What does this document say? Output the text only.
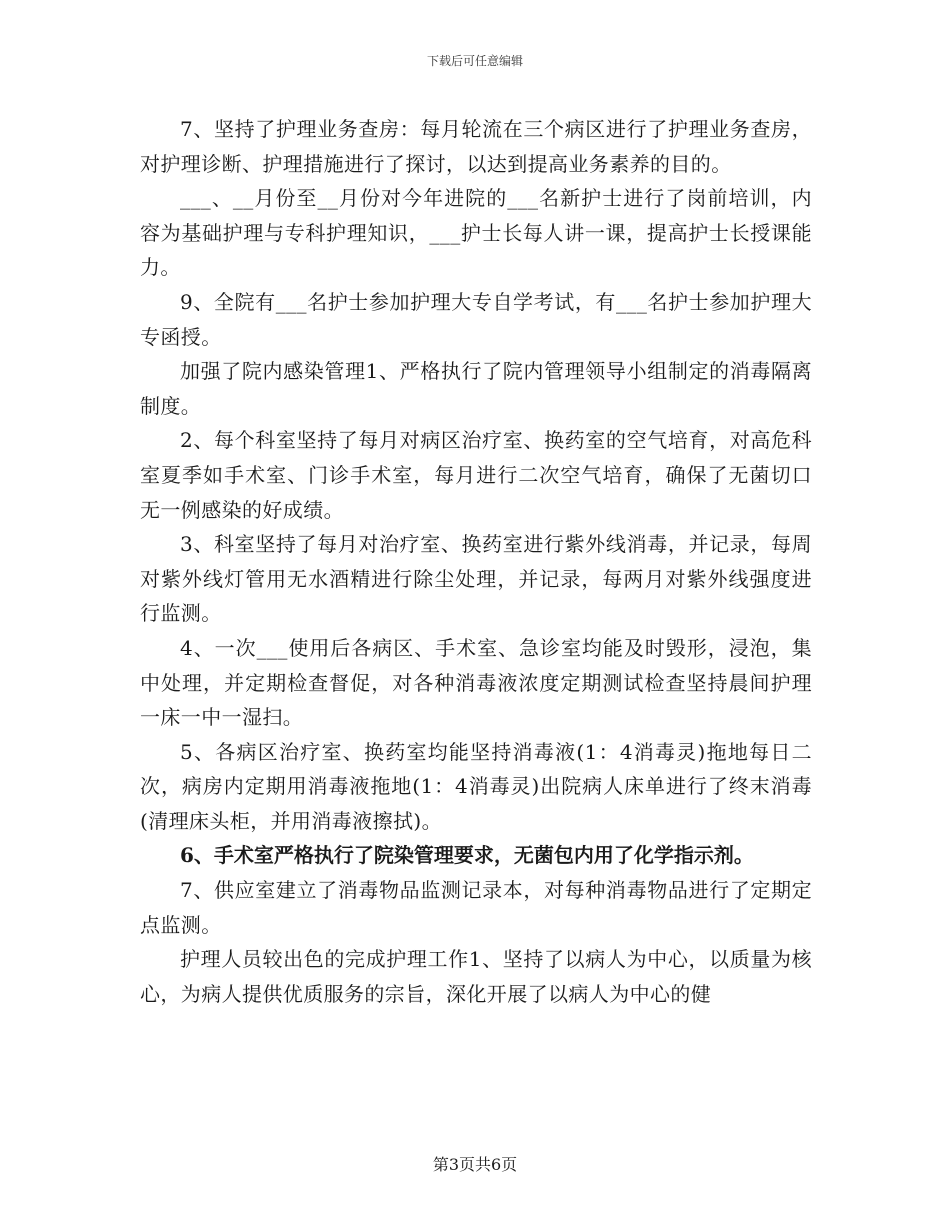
下载后可任意编辑

7、坚持了护理业务查房：每月轮流在三个病区进行了护理业务查房，对护理诊断、护理措施进行了探讨，以达到提高业务素养的目的。

___、__月份至__月份对今年进院的___名新护士进行了岗前培训，内容为基础护理与专科护理知识，___护士长每人讲一课，提高护士长授课能力。

9、全院有___名护士参加护理大专自学考试，有___名护士参加护理大专函授。

加强了院内感染管理1、严格执行了院内管理领导小组制定的消毒隔离制度。

2、每个科室坚持了每月对病区治疗室、换药室的空气培育，对高危科室夏季如手术室、门诊手术室，每月进行二次空气培育，确保了无菌切口无一例感染的好成绩。

3、科室坚持了每月对治疗室、换药室进行紫外线消毒，并记录，每周对紫外线灯管用无水酒精进行除尘处理，并记录，每两月对紫外线强度进行监测。

4、一次___使用后各病区、手术室、急诊室均能及时毁形，浸泡，集中处理，并定期检查督促，对各种消毒液浓度定期测试检查坚持晨间护理一床一中一湿扫。

5、各病区治疗室、换药室均能坚持消毒液(1：4消毒灵)拖地每日二次，病房内定期用消毒液拖地(1：4消毒灵)出院病人床单进行了终末消毒(清理床头柜，并用消毒液擦拭)。

6、手术室严格执行了院染管理要求，无菌包内用了化学指示剂。

7、供应室建立了消毒物品监测记录本，对每种消毒物品进行了定期定点监测。

护理人员较出色的完成护理工作1、坚持了以病人为中心，以质量为核心，为病人提供优质服务的宗旨，深化开展了以病人为中心的健

第3页共6页
